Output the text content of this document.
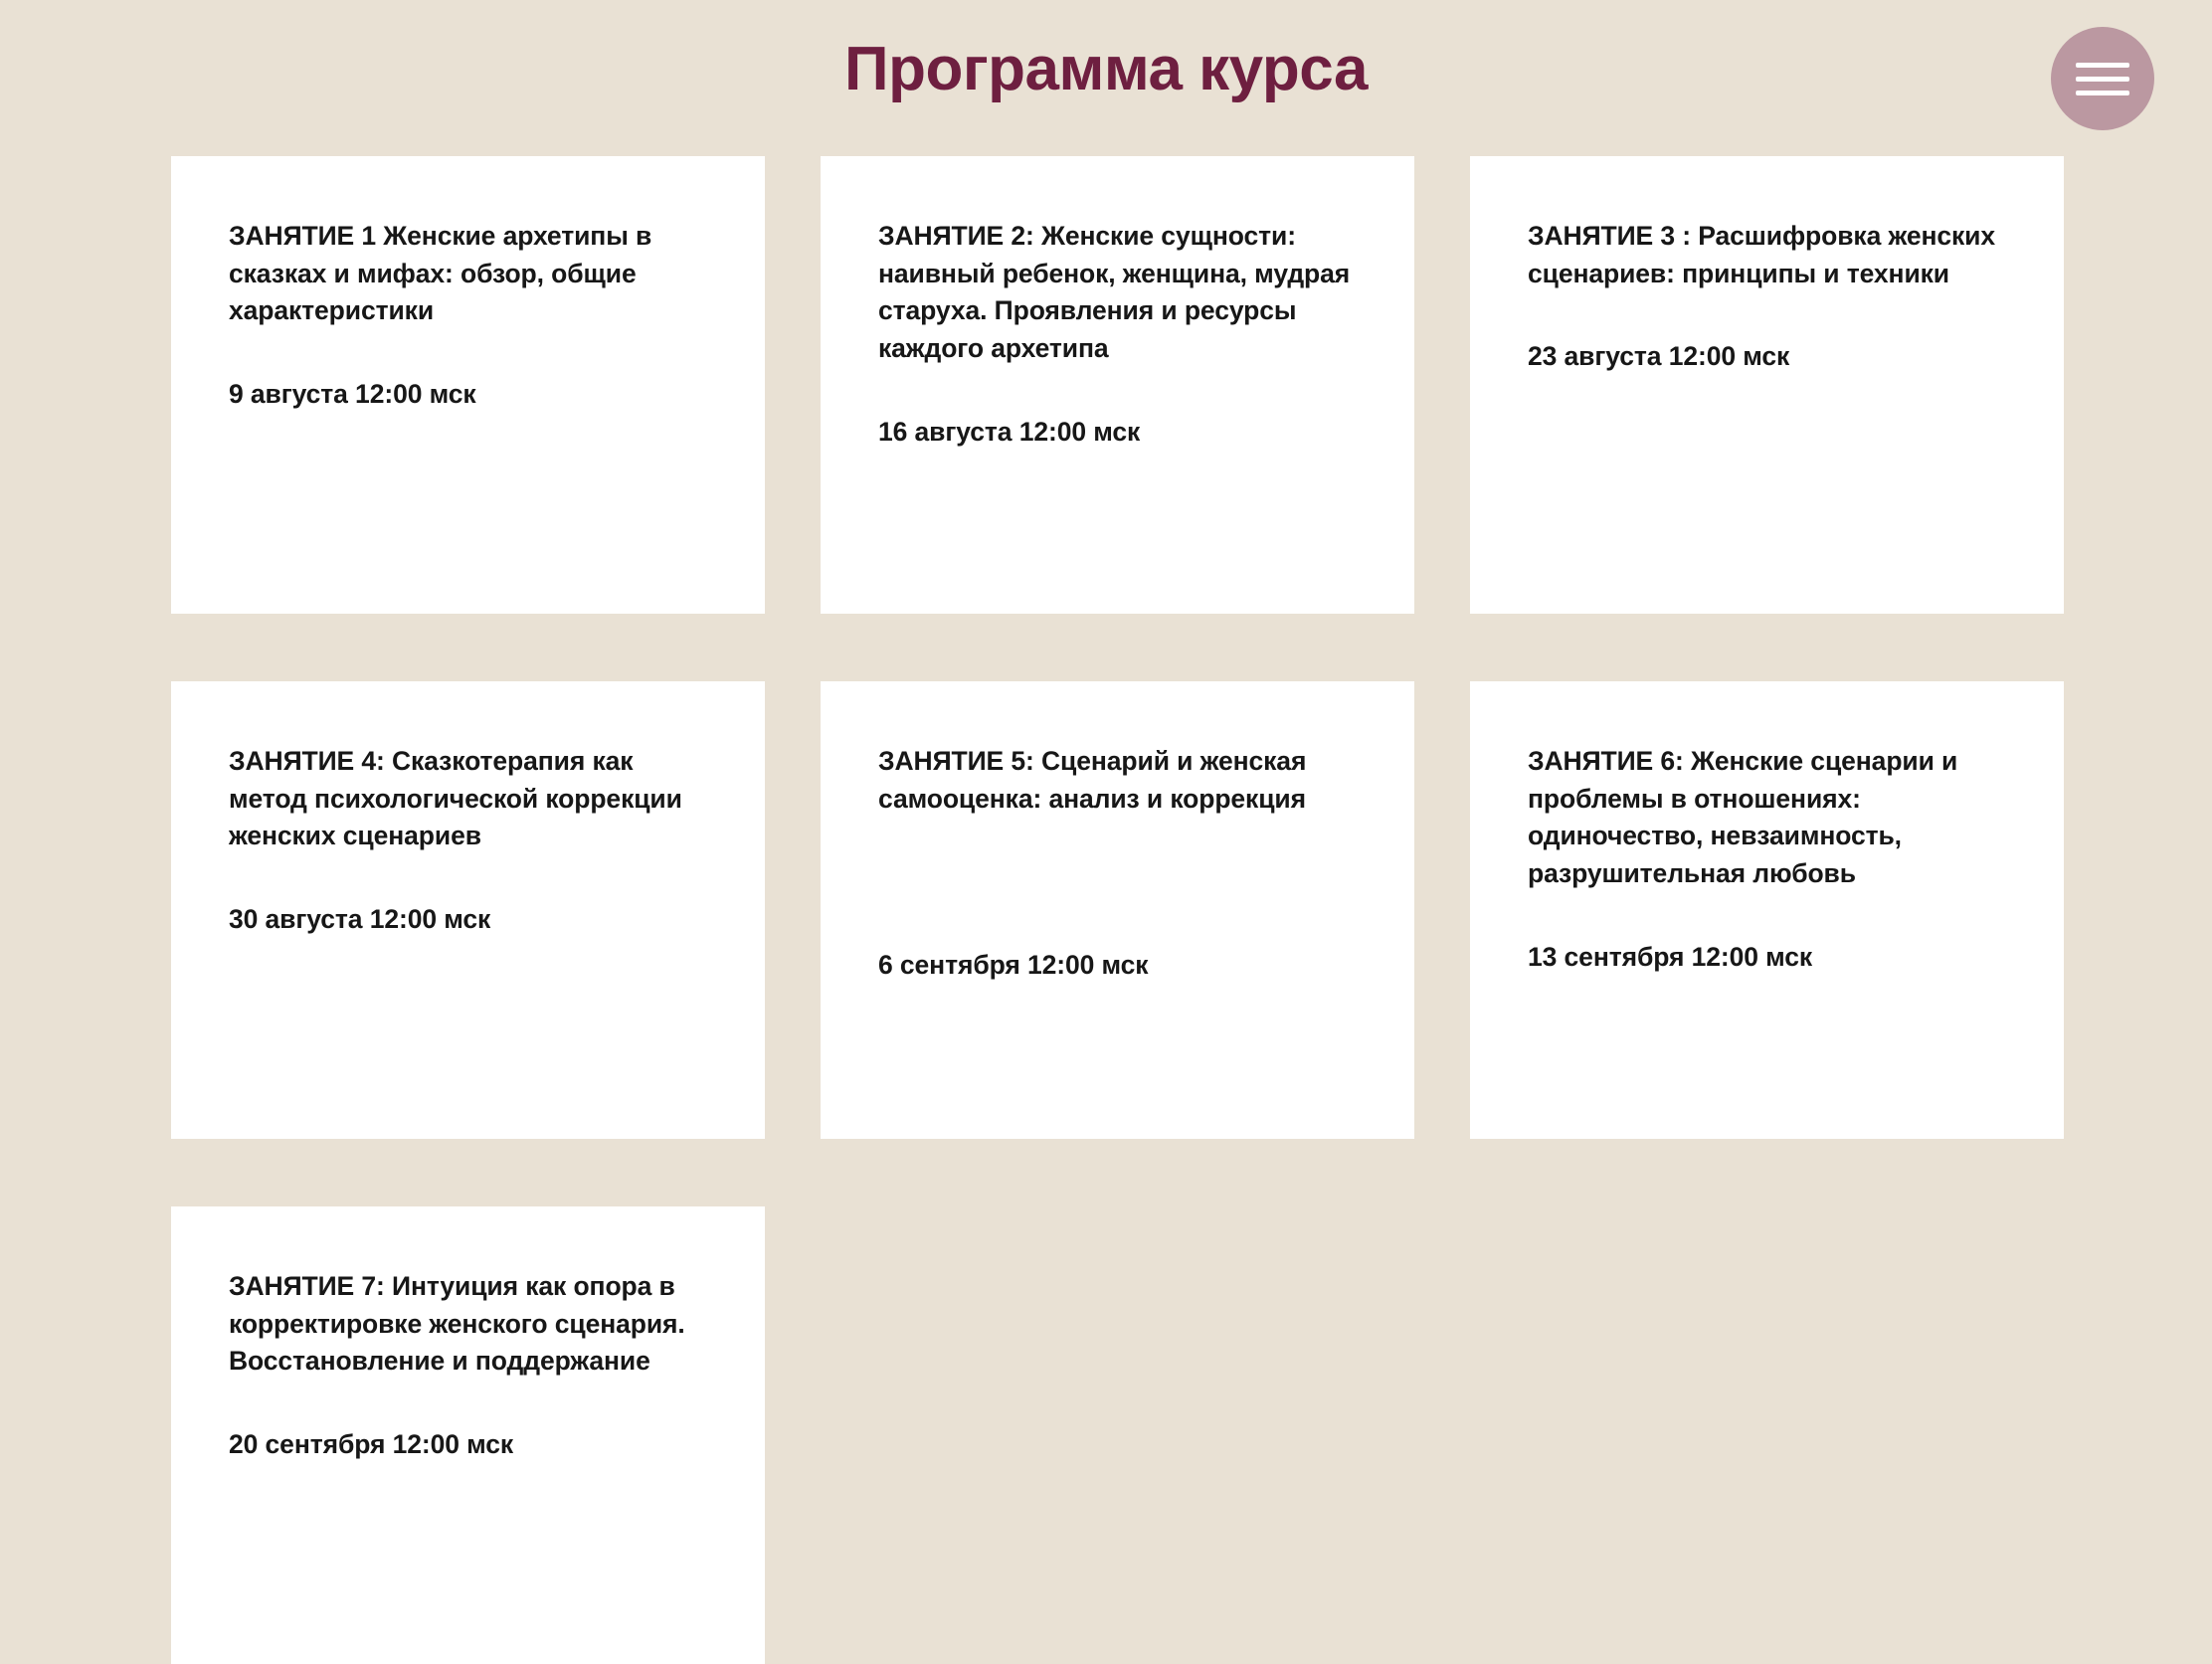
Программа курса

ЗАНЯТИЕ 1 Женские архетипы в сказках и мифах: обзор, общие характеристики

9 августа 12:00 мск

ЗАНЯТИЕ 2: Женские сущности: наивный ребенок, женщина, мудрая старуха. Проявления и ресурсы каждого архетипа

16 августа 12:00 мск

ЗАНЯТИЕ 3 : Расшифровка женских сценариев: принципы и техники

23 августа 12:00 мск

ЗАНЯТИЕ 4: Сказкотерапия как метод психологической коррекции женских сценариев

30 августа 12:00 мск

ЗАНЯТИЕ 5: Сценарий и женская самооценка: анализ и коррекция

6 сентября 12:00 мск

ЗАНЯТИЕ 6: Женские сценарии и проблемы в отношениях: одиночество, невзаимность, разрушительная любовь

13 сентября 12:00 мск

ЗАНЯТИЕ 7: Интуиция как опора в корректировке женского сценария. Восстановление и поддержание

20 сентября 12:00 мск
